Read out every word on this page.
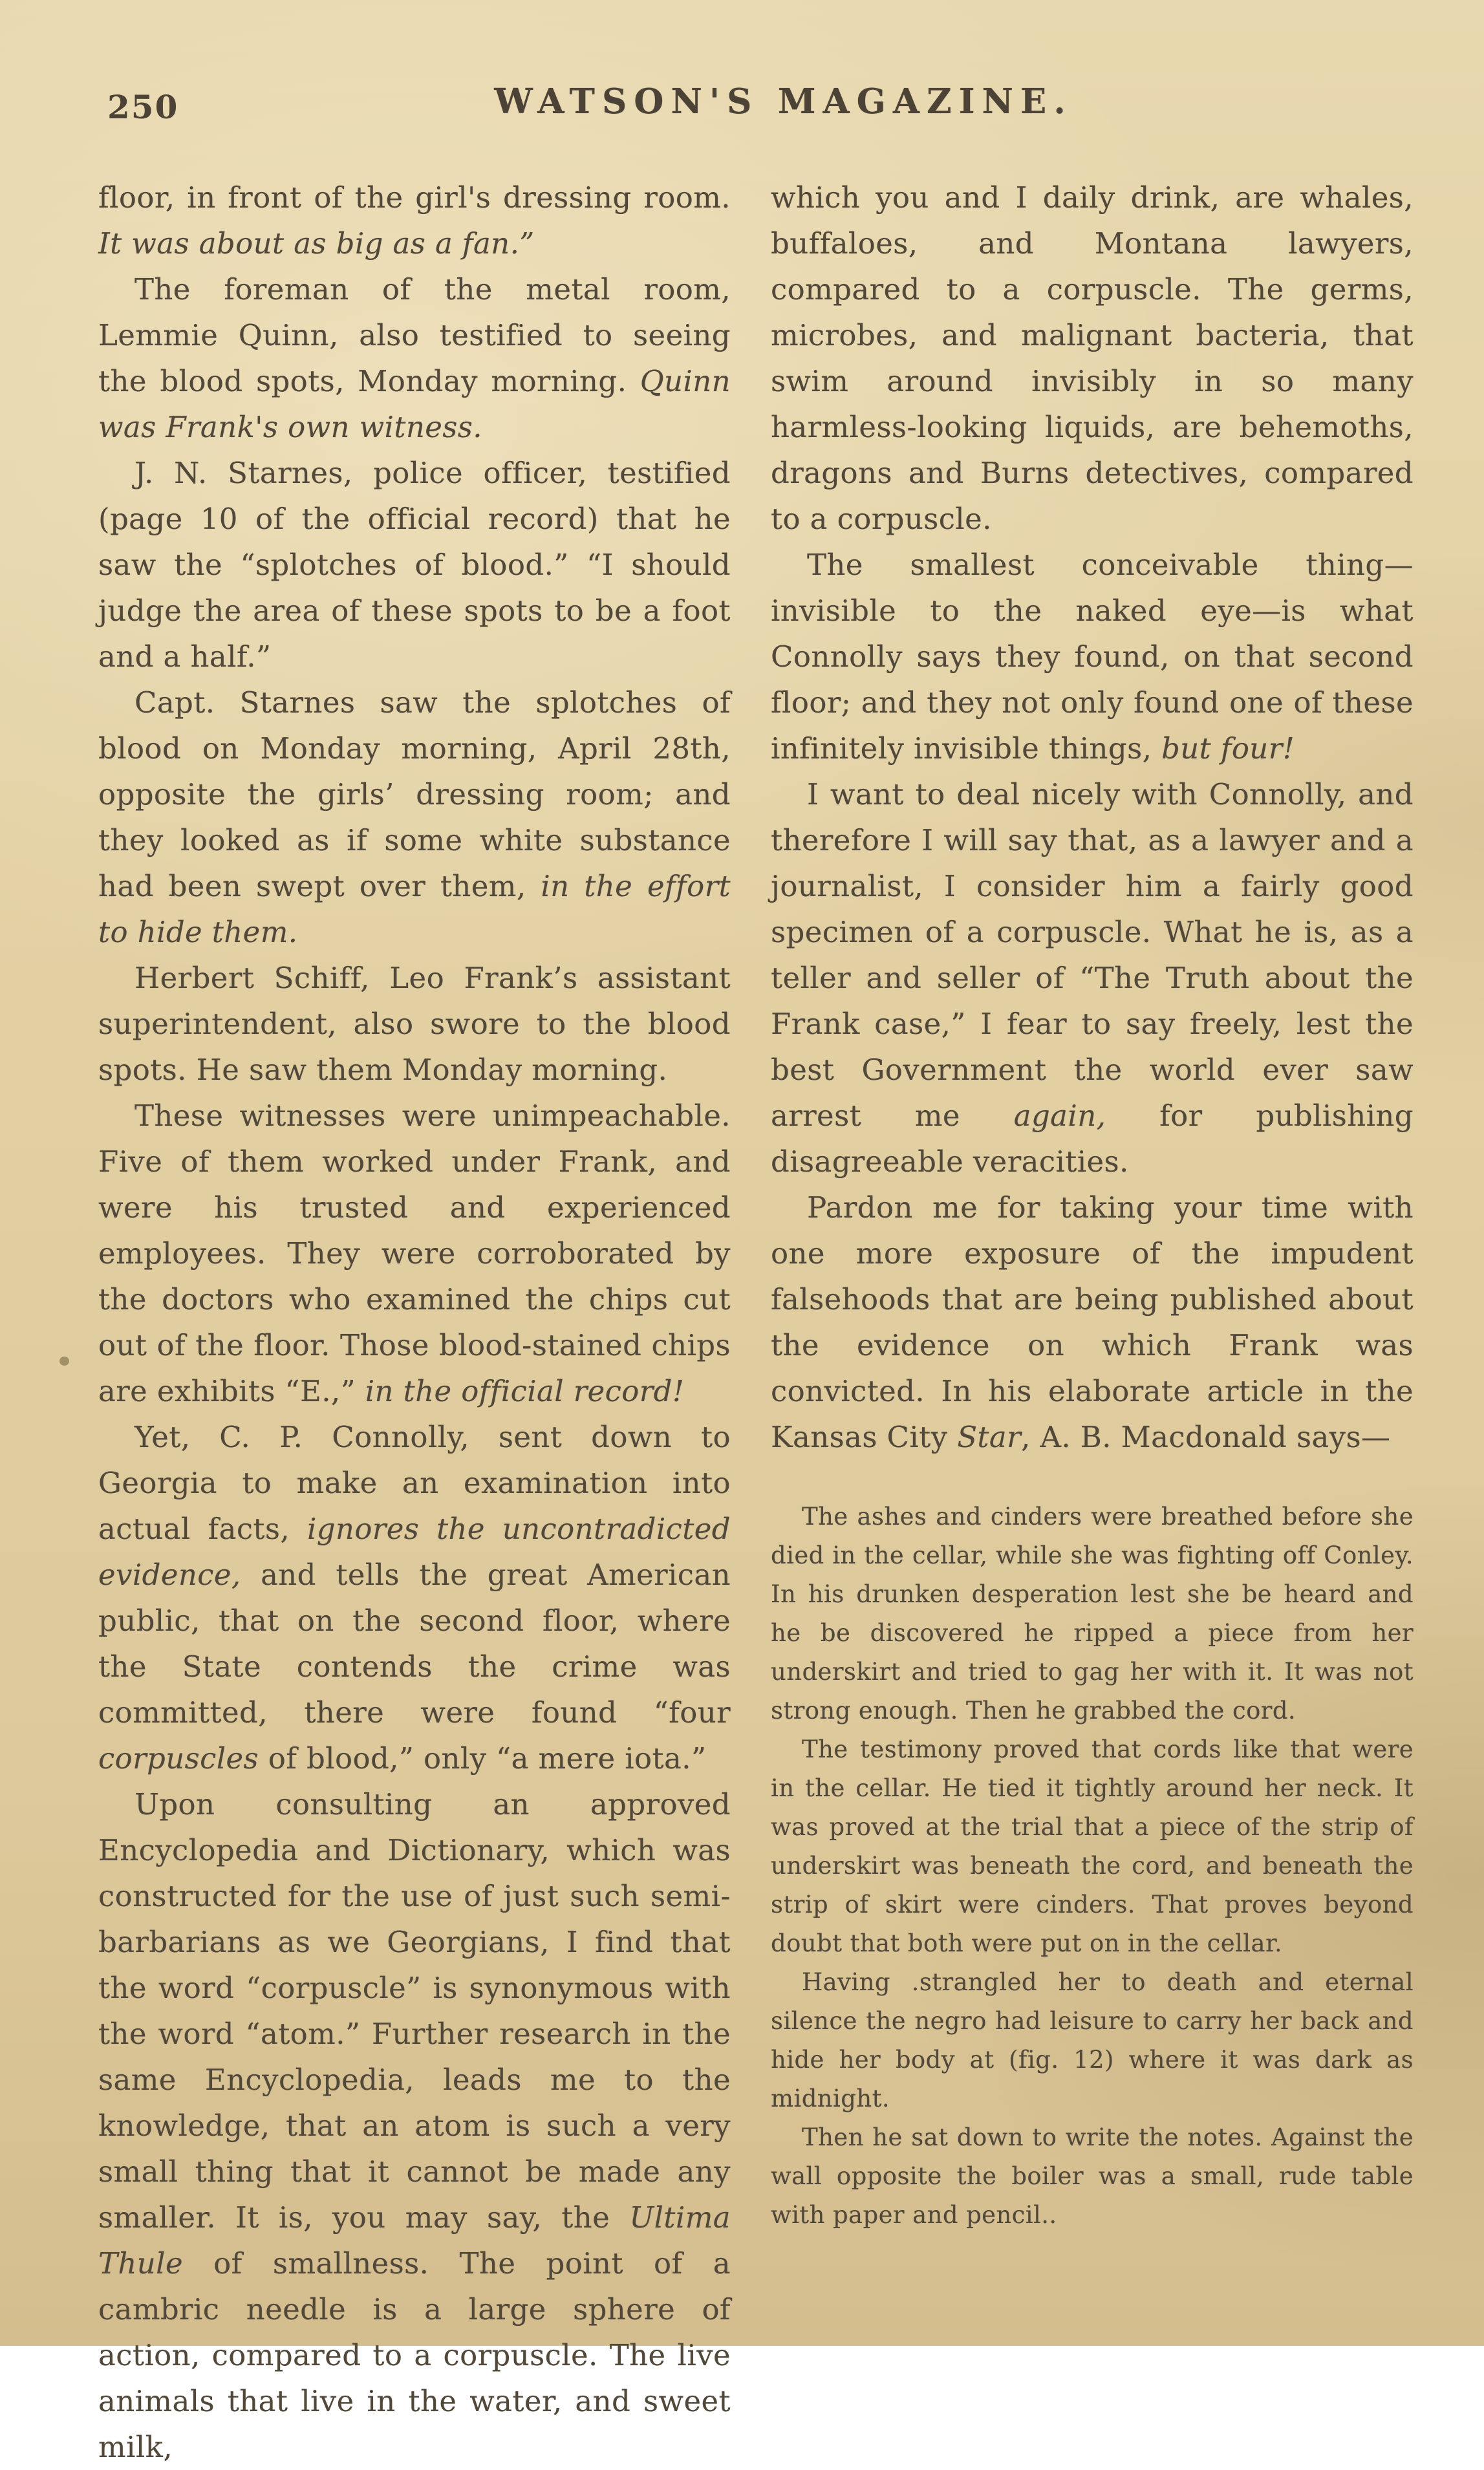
250	WATSON'S MAGAZINE.

floor, in front of the girl's dressing room. It was about as big as a fan.”

The foreman of the metal room, Lemmie Quinn, also testified to seeing the blood spots, Monday morning. Quinn was Frank's own witness.

J. N. Starnes, police officer, testified (page 10 of the official record) that he saw the “splotches of blood.” “I should judge the area of these spots to be a foot and a half.”

Capt. Starnes saw the splotches of blood on Monday morning, April 28th, opposite the girls’ dressing room; and they looked as if some white substance had been swept over them, in the effort to hide them.

Herbert Schiff, Leo Frank’s assistant superintendent, also swore to the blood spots. He saw them Monday morning.

These witnesses were unimpeachable. Five of them worked under Frank, and were his trusted and experienced employees. They were corroborated by the doctors who examined the chips cut out of the floor. Those blood-stained chips are exhibits “E.,” in the official record!

Yet, C. P. Connolly, sent down to Georgia to make an examination into actual facts, ignores the uncontradicted evidence, and tells the great American public, that on the second floor, where the State contends the crime was committed, there were found “four corpuscles of blood,” only “a mere iota.”

Upon consulting an approved Encyclopedia and Dictionary, which was constructed for the use of just such semi-barbarians as we Georgians, I find that the word “corpuscle” is synonymous with the word “atom.” Further research in the same Encyclopedia, leads me to the knowledge, that an atom is such a very small thing that it cannot be made any smaller. It is, you may say, the Ultima Thule of smallness. The point of a cambric needle is a large sphere of action, compared to a corpuscle. The live animals that live in the water, and sweet milk,

which you and I daily drink, are whales, buffaloes, and Montana lawyers, compared to a corpuscle. The germs, microbes, and malignant bacteria, that swim around invisibly in so many harmless-looking liquids, are behemoths, dragons and Burns detectives, compared to a corpuscle.

The smallest conceivable thing—invisible to the naked eye—is what Connolly says they found, on that second floor; and they not only found one of these infinitely invisible things, but four!

I want to deal nicely with Connolly, and therefore I will say that, as a lawyer and a journalist, I consider him a fairly good specimen of a corpuscle. What he is, as a teller and seller of “The Truth about the Frank case,” I fear to say freely, lest the best Government the world ever saw arrest me again, for publishing disagreeable veracities.

Pardon me for taking your time with one more exposure of the impudent falsehoods that are being published about the evidence on which Frank was convicted. In his elaborate article in the Kansas City Star, A. B. Macdonald says—

The ashes and cinders were breathed before she died in the cellar, while she was fighting off Conley. In his drunken desperation lest she be heard and he be discovered he ripped a piece from her underskirt and tried to gag her with it. It was not strong enough. Then he grabbed the cord.

The testimony proved that cords like that were in the cellar. He tied it tightly around her neck. It was proved at the trial that a piece of the strip of underskirt was beneath the cord, and beneath the strip of skirt were cinders. That proves beyond doubt that both were put on in the cellar.

Having .strangled her to death and eternal silence the negro had leisure to carry her back and hide her body at (fig. 12) where it was dark as midnight.

Then he sat down to write the notes. Against the wall opposite the boiler was a small, rude table with paper and pencil..
